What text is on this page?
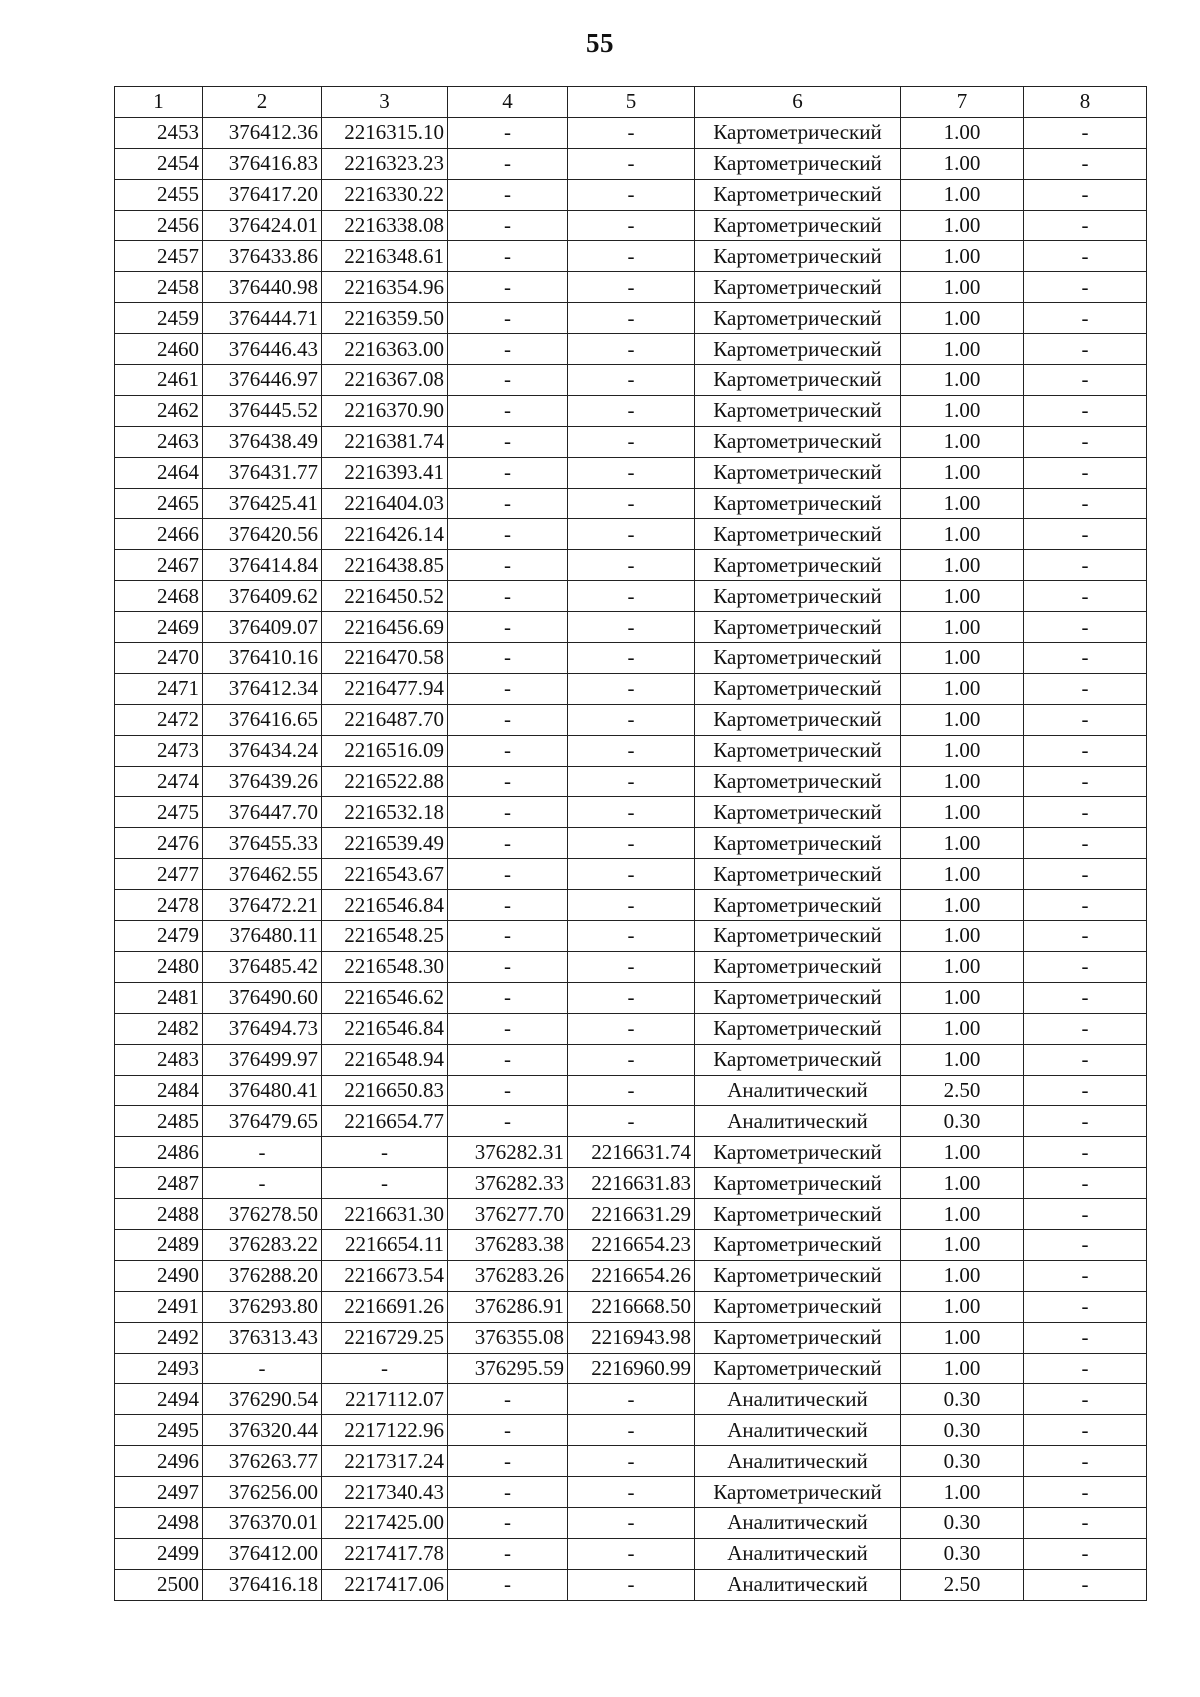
55
1	2	3	4	5	6	7	8
2453	376412.36	2216315.10	-	-	Картометрический	1.00	-
2454	376416.83	2216323.23	-	-	Картометрический	1.00	-
2455	376417.20	2216330.22	-	-	Картометрический	1.00	-
2456	376424.01	2216338.08	-	-	Картометрический	1.00	-
2457	376433.86	2216348.61	-	-	Картометрический	1.00	-
2458	376440.98	2216354.96	-	-	Картометрический	1.00	-
2459	376444.71	2216359.50	-	-	Картометрический	1.00	-
2460	376446.43	2216363.00	-	-	Картометрический	1.00	-
2461	376446.97	2216367.08	-	-	Картометрический	1.00	-
2462	376445.52	2216370.90	-	-	Картометрический	1.00	-
2463	376438.49	2216381.74	-	-	Картометрический	1.00	-
2464	376431.77	2216393.41	-	-	Картометрический	1.00	-
2465	376425.41	2216404.03	-	-	Картометрический	1.00	-
2466	376420.56	2216426.14	-	-	Картометрический	1.00	-
2467	376414.84	2216438.85	-	-	Картометрический	1.00	-
2468	376409.62	2216450.52	-	-	Картометрический	1.00	-
2469	376409.07	2216456.69	-	-	Картометрический	1.00	-
2470	376410.16	2216470.58	-	-	Картометрический	1.00	-
2471	376412.34	2216477.94	-	-	Картометрический	1.00	-
2472	376416.65	2216487.70	-	-	Картометрический	1.00	-
2473	376434.24	2216516.09	-	-	Картометрический	1.00	-
2474	376439.26	2216522.88	-	-	Картометрический	1.00	-
2475	376447.70	2216532.18	-	-	Картометрический	1.00	-
2476	376455.33	2216539.49	-	-	Картометрический	1.00	-
2477	376462.55	2216543.67	-	-	Картометрический	1.00	-
2478	376472.21	2216546.84	-	-	Картометрический	1.00	-
2479	376480.11	2216548.25	-	-	Картометрический	1.00	-
2480	376485.42	2216548.30	-	-	Картометрический	1.00	-
2481	376490.60	2216546.62	-	-	Картометрический	1.00	-
2482	376494.73	2216546.84	-	-	Картометрический	1.00	-
2483	376499.97	2216548.94	-	-	Картометрический	1.00	-
2484	376480.41	2216650.83	-	-	Аналитический	2.50	-
2485	376479.65	2216654.77	-	-	Аналитический	0.30	-
2486	-	-	376282.31	2216631.74	Картометрический	1.00	-
2487	-	-	376282.33	2216631.83	Картометрический	1.00	-
2488	376278.50	2216631.30	376277.70	2216631.29	Картометрический	1.00	-
2489	376283.22	2216654.11	376283.38	2216654.23	Картометрический	1.00	-
2490	376288.20	2216673.54	376283.26	2216654.26	Картометрический	1.00	-
2491	376293.80	2216691.26	376286.91	2216668.50	Картометрический	1.00	-
2492	376313.43	2216729.25	376355.08	2216943.98	Картометрический	1.00	-
2493	-	-	376295.59	2216960.99	Картометрический	1.00	-
2494	376290.54	2217112.07	-	-	Аналитический	0.30	-
2495	376320.44	2217122.96	-	-	Аналитический	0.30	-
2496	376263.77	2217317.24	-	-	Аналитический	0.30	-
2497	376256.00	2217340.43	-	-	Картометрический	1.00	-
2498	376370.01	2217425.00	-	-	Аналитический	0.30	-
2499	376412.00	2217417.78	-	-	Аналитический	0.30	-
2500	376416.18	2217417.06	-	-	Аналитический	2.50	-
